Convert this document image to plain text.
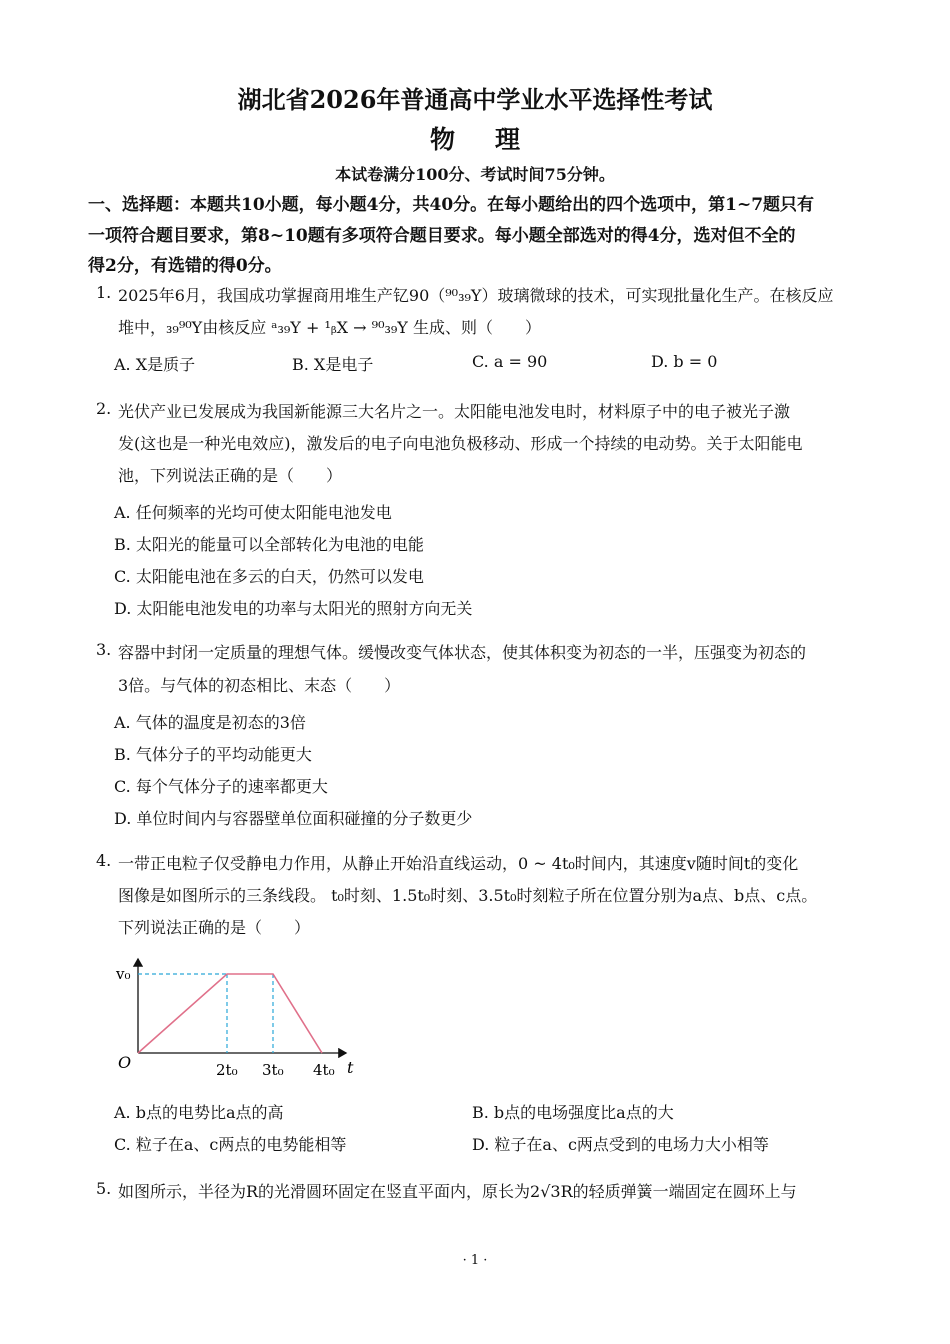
湖北省2026年普通高中学业水平选择性考试
物理
本试卷满分100分、考试时间75分钟。
一、选择题：本题共10小题，每小题4分，共40分。在每小题给出的四个选项中，第1~7题只有
一项符合题目要求，第8~10题有多项符合题目要求。每小题全部选对的得4分，选对但不全的
得2分，有选错的得0分。
1. 2025年6月，我国成功掌握商用堆生产钇90（⁹⁰₃₉Y）玻璃微球的技术，可实现批量化生产。在核反应
堆中，₃₉⁹⁰Y由核反应 ᵃ₃₉Y + ¹ᵦX → ⁹⁰₃₉Y 生成、则（　　）
A. X是质子	B. X是电子	C. a = 90	D. b = 0
2. 光伏产业已发展成为我国新能源三大名片之一。太阳能电池发电时，材料原子中的电子被光子激
发(这也是一种光电效应)，激发后的电子向电池负极移动、形成一个持续的电动势。关于太阳能电
池，下列说法正确的是（　　）
A. 任何频率的光均可使太阳能电池发电
B. 太阳光的能量可以全部转化为电池的电能
C. 太阳能电池在多云的白天，仍然可以发电
D. 太阳能电池发电的功率与太阳光的照射方向无关
3. 容器中封闭一定质量的理想气体。缓慢改变气体状态，使其体积变为初态的一半，压强变为初态的
3倍。与气体的初态相比、末态（　　）
A. 气体的温度是初态的3倍
B. 气体分子的平均动能更大
C. 每个气体分子的速率都更大
D. 单位时间内与容器壁单位面积碰撞的分子数更少
4. 一带正电粒子仅受静电力作用，从静止开始沿直线运动，0 ~ 4t₀时间内，其速度v随时间t的变化
图像是如图所示的三条线段。 t₀时刻、1.5t₀时刻、3.5t₀时刻粒子所在位置分别为a点、b点、c点。
下列说法正确的是（　　）
v₀
O	t
2t₀ 3t₀ 4t₀
A. b点的电势比a点的高	B. b点的电场强度比a点的大
C. 粒子在a、c两点的电势能相等	D. 粒子在a、c两点受到的电场力大小相等
5. 如图所示，半径为R的光滑圆环固定在竖直平面内，原长为2√3R的轻质弹簧一端固定在圆环上与
· 1 ·
